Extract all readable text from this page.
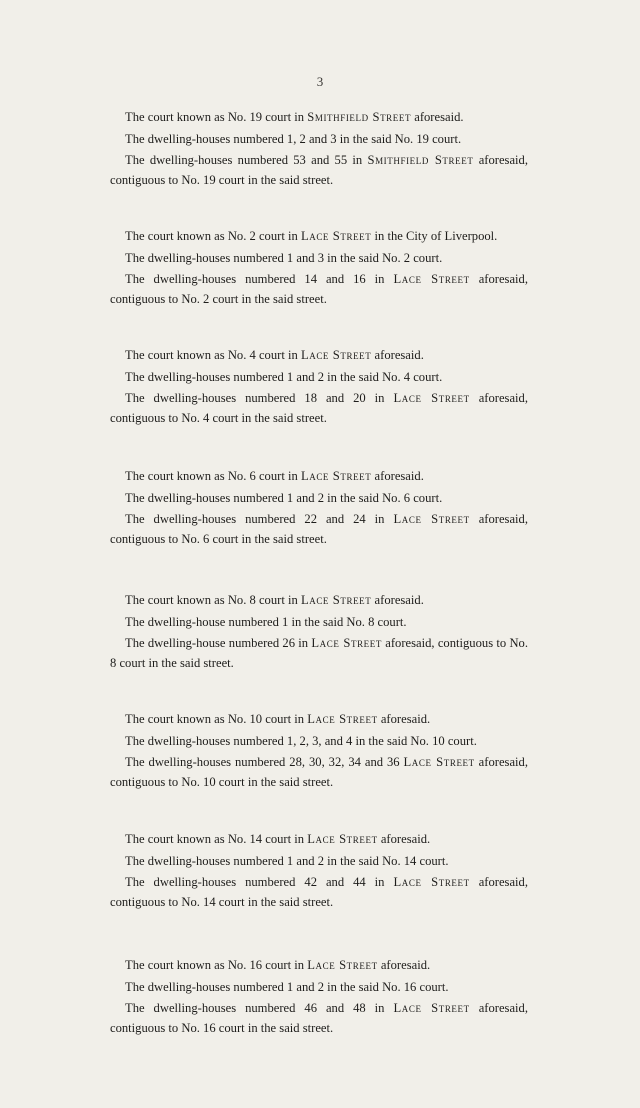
3

The court known as No. 19 court in Smithfield Street aforesaid.

The dwelling-houses numbered 1, 2 and 3 in the said No. 19 court.

The dwelling-houses numbered 53 and 55 in Smithfield Street aforesaid, contiguous to No. 19 court in the said street.

The court known as No. 2 court in Lace Street in the City of Liverpool.

The dwelling-houses numbered 1 and 3 in the said No. 2 court.

The dwelling-houses numbered 14 and 16 in Lace Street aforesaid, contiguous to No. 2 court in the said street.

The court known as No. 4 court in Lace Street aforesaid.

The dwelling-houses numbered 1 and 2 in the said No. 4 court.

The dwelling-houses numbered 18 and 20 in Lace Street aforesaid, contiguous to No. 4 court in the said street.

The court known as No. 6 court in Lace Street aforesaid.

The dwelling-houses numbered 1 and 2 in the said No. 6 court.

The dwelling-houses numbered 22 and 24 in Lace Street aforesaid, contiguous to No. 6 court in the said street.

The court known as No. 8 court in Lace Street aforesaid.

The dwelling-house numbered 1 in the said No. 8 court.

The dwelling-house numbered 26 in Lace Street aforesaid, contiguous to No. 8 court in the said street.

The court known as No. 10 court in Lace Street aforesaid.

The dwelling-houses numbered 1, 2, 3, and 4 in the said No. 10 court.

The dwelling-houses numbered 28, 30, 32, 34 and 36 Lace Street aforesaid, contiguous to No. 10 court in the said street.

The court known as No. 14 court in Lace Street aforesaid.

The dwelling-houses numbered 1 and 2 in the said No. 14 court.

The dwelling-houses numbered 42 and 44 in Lace Street aforesaid, contiguous to No. 14 court in the said street.

The court known as No. 16 court in Lace Street aforesaid.

The dwelling-houses numbered 1 and 2 in the said No. 16 court.

The dwelling-houses numbered 46 and 48 in Lace Street aforesaid, contiguous to No. 16 court in the said street.
